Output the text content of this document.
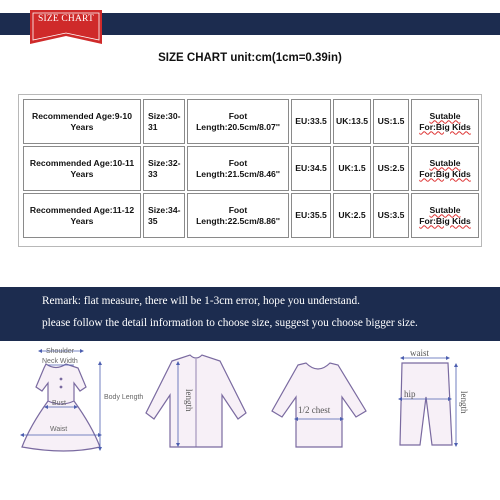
SIZE CHART
SIZE CHART unit:cm(1cm=0.39in)
Recommended Age:9-10 Years	Size:30-31	Foot Length:20.5cm/8.07''	EU:33.5	UK:13.5	US:1.5	Sutable For:Big Kids
Recommended Age:10-11 Years	Size:32-33	Foot Length:21.5cm/8.46''	EU:34.5	UK:1.5	US:2.5	Sutable For:Big Kids
Recommended Age:11-12 Years	Size:34-35	Foot Length:22.5cm/8.86''	EU:35.5	UK:2.5	US:3.5	Sutable For:Big Kids
Remark: flat measure, there will be 1-3cm error, hope you understand.
please follow the detail information to choose size, suggest you choose bigger size.
Shoulder
Neck Width
Bust
Waist
Body Length	length	1/2 chest
waist
hip	length
